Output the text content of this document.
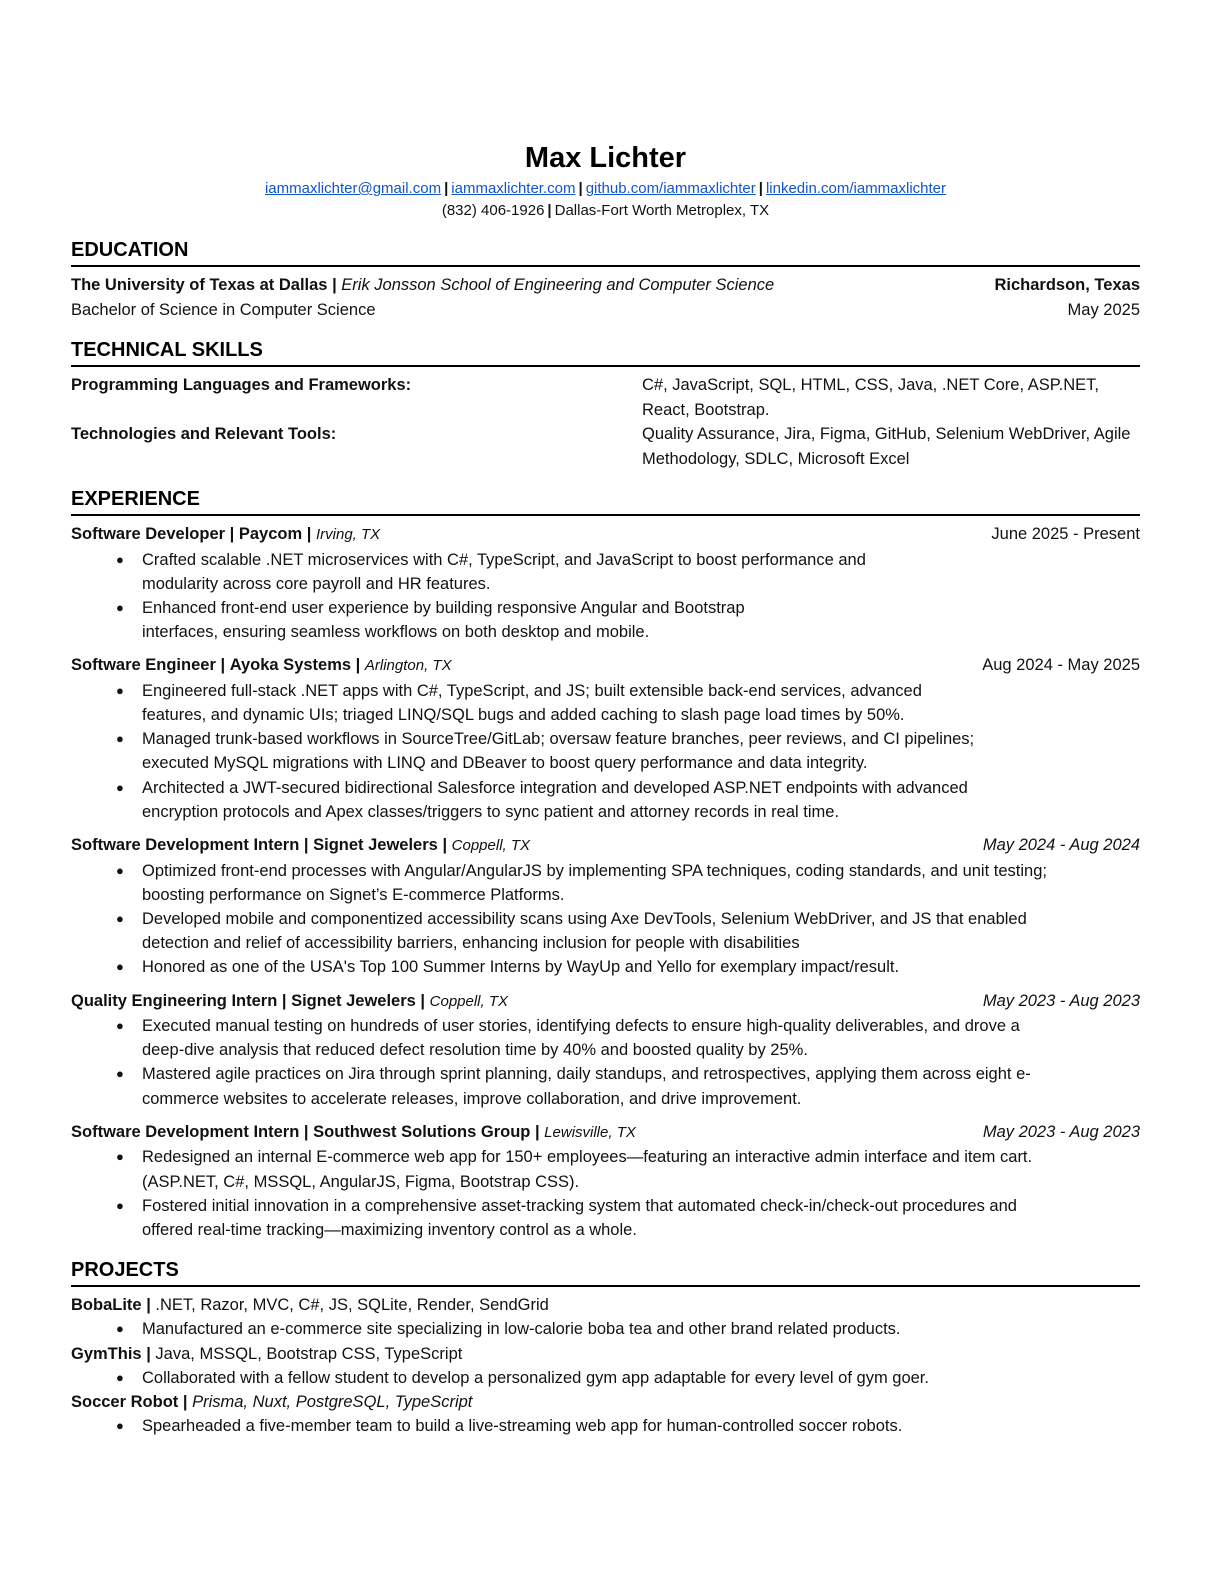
Max Lichter
iammaxlichter@gmail.com | iammaxlichter.com | github.com/iammaxlichter | linkedin.com/iammaxlichter
(832) 406-1926 | Dallas-Fort Worth Metroplex, TX
EDUCATION
The University of Texas at Dallas | Erik Jonsson School of Engineering and Computer Science	Richardson, Texas
Bachelor of Science in Computer Science	May 2025
TECHNICAL SKILLS
Programming Languages and Frameworks:	C#, JavaScript, SQL, HTML, CSS, Java, .NET Core, ASP.NET, React, Bootstrap.
Technologies and Relevant Tools:	Quality Assurance, Jira, Figma, GitHub, Selenium WebDriver, Agile Methodology, SDLC, Microsoft Excel
EXPERIENCE
Software Developer | Paycom | Irving, TX	June 2025 - Present
● Crafted scalable .NET microservices with C#, TypeScript, and JavaScript to boost performance and modularity across core payroll and HR features.
● Enhanced front-end user experience by building responsive Angular and Bootstrap interfaces, ensuring seamless workflows on both desktop and mobile.
Software Engineer | Ayoka Systems | Arlington, TX	Aug 2024 - May 2025
● Engineered full-stack .NET apps with C#, TypeScript, and JS; built extensible back-end services, advanced features, and dynamic UIs; triaged LINQ/SQL bugs and added caching to slash page load times by 50%.
● Managed trunk-based workflows in SourceTree/GitLab; oversaw feature branches, peer reviews, and CI pipelines; executed MySQL migrations with LINQ and DBeaver to boost query performance and data integrity.
● Architected a JWT-secured bidirectional Salesforce integration and developed ASP.NET endpoints with advanced encryption protocols and Apex classes/triggers to sync patient and attorney records in real time.
Software Development Intern | Signet Jewelers | Coppell, TX	May 2024 - Aug 2024
● Optimized front-end processes with Angular/AngularJS by implementing SPA techniques, coding standards, and unit testing; boosting performance on Signet’s E-commerce Platforms.
● Developed mobile and componentized accessibility scans using Axe DevTools, Selenium WebDriver, and JS that enabled detection and relief of accessibility barriers, enhancing inclusion for people with disabilities
● Honored as one of the USA's Top 100 Summer Interns by WayUp and Yello for exemplary impact/result.
Quality Engineering Intern | Signet Jewelers | Coppell, TX	May 2023 - Aug 2023
● Executed manual testing on hundreds of user stories, identifying defects to ensure high-quality deliverables, and drove a deep-dive analysis that reduced defect resolution time by 40% and boosted quality by 25%.
● Mastered agile practices on Jira through sprint planning, daily standups, and retrospectives, applying them across eight e-commerce websites to accelerate releases, improve collaboration, and drive improvement.
Software Development Intern | Southwest Solutions Group | Lewisville, TX	May 2023 - Aug 2023
● Redesigned an internal E-commerce web app for 150+ employees—featuring an interactive admin interface and item cart. (ASP.NET, C#, MSSQL, AngularJS, Figma, Bootstrap CSS).
● Fostered initial innovation in a comprehensive asset-tracking system that automated check-in/check-out procedures and offered real-time tracking—maximizing inventory control as a whole.
PROJECTS
BobaLite | .NET, Razor, MVC, C#, JS, SQLite, Render, SendGrid
● Manufactured an e-commerce site specializing in low-calorie boba tea and other brand related products.
GymThis | Java, MSSQL, Bootstrap CSS, TypeScript
● Collaborated with a fellow student to develop a personalized gym app adaptable for every level of gym goer.
Soccer Robot | Prisma, Nuxt, PostgreSQL, TypeScript
● Spearheaded a five-member team to build a live-streaming web app for human-controlled soccer robots.
